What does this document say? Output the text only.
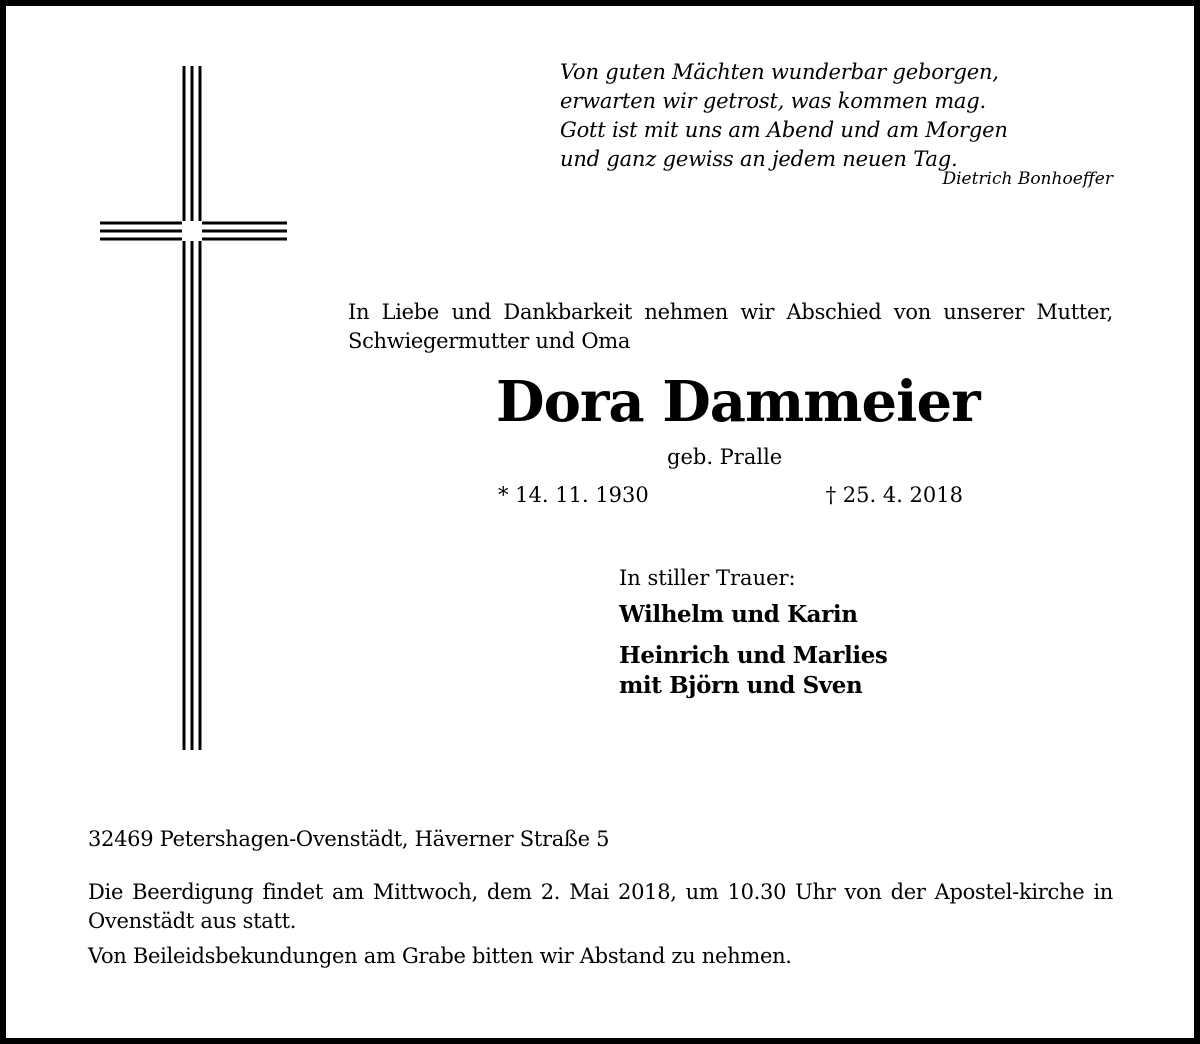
Von guten Mächten wunderbar geborgen,
erwarten wir getrost, was kommen mag.
Gott ist mit uns am Abend und am Morgen
und ganz gewiss an jedem neuen Tag.

Dietrich Bonhoeffer

In Liebe und Dankbarkeit nehmen wir Abschied von unserer Mutter, Schwiegermutter und Oma

Dora Dammeier

geb. Pralle

* 14. 11. 1930	† 25. 4. 2018

In stiller Trauer:

Wilhelm und Karin

Heinrich und Marlies

mit Björn und Sven

32469 Petershagen-Ovenstädt, Häverner Straße 5

Die Beerdigung findet am Mittwoch, dem 2. Mai 2018, um 10.30 Uhr von der Apostel-kirche in Ovenstädt aus statt.

Von Beileidsbekundungen am Grabe bitten wir Abstand zu nehmen.
